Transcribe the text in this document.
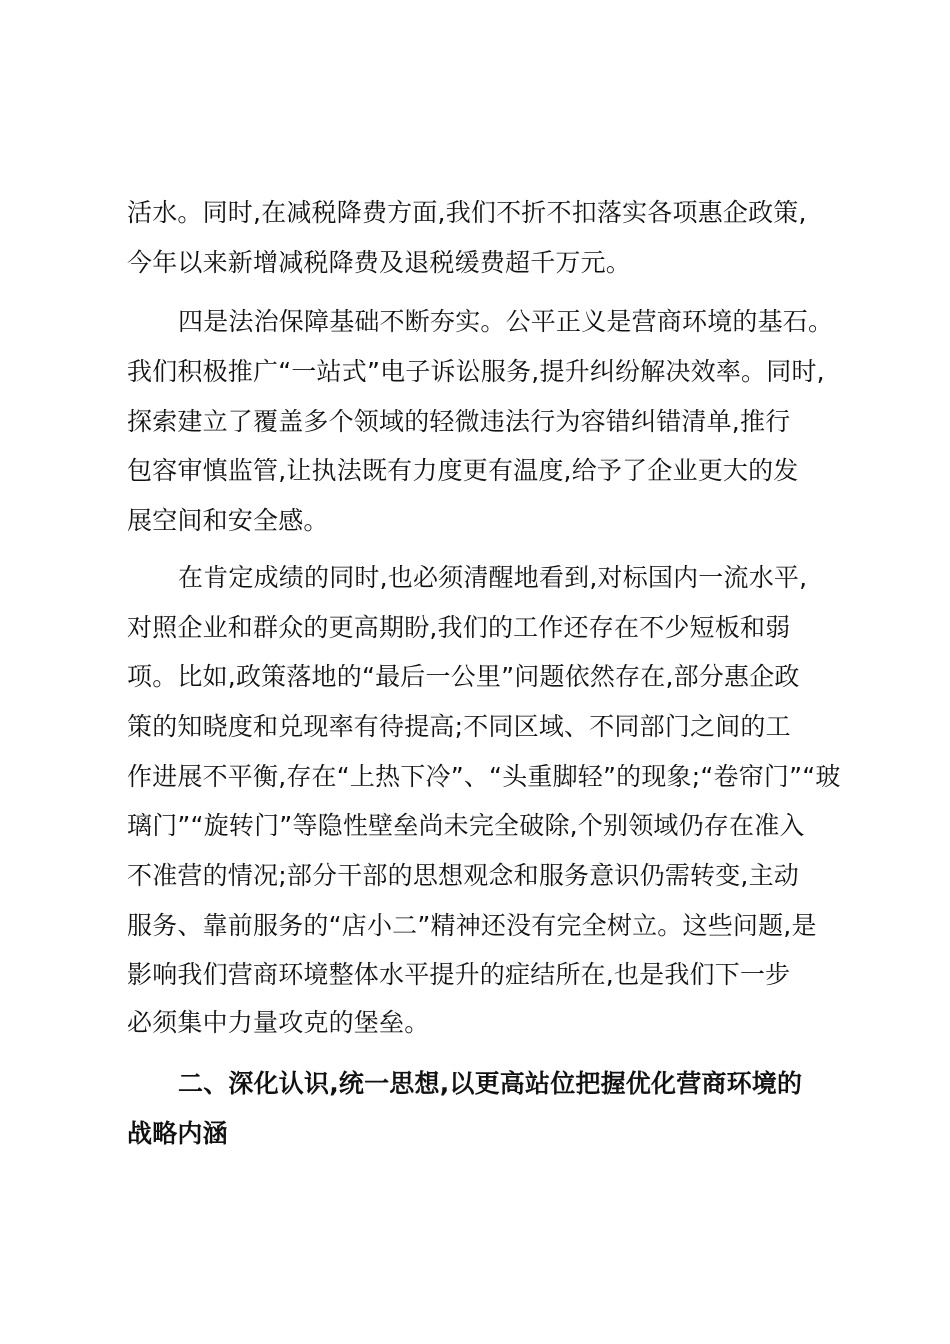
活水。同时,在减税降费方面,我们不折不扣落实各项惠企政策,
今年以来新增减税降费及退税缓费超千万元。
四是法治保障基础不断夯实。公平正义是营商环境的基石。
我们积极推广“一站式”电子诉讼服务,提升纠纷解决效率。同时,
探索建立了覆盖多个领域的轻微违法行为容错纠错清单,推行
包容审慎监管,让执法既有力度更有温度,给予了企业更大的发
展空间和安全感。
在肯定成绩的同时,也必须清醒地看到,对标国内一流水平,
对照企业和群众的更高期盼,我们的工作还存在不少短板和弱
项。比如,政策落地的“最后一公里”问题依然存在,部分惠企政
策的知晓度和兑现率有待提高;不同区域、不同部门之间的工
作进展不平衡,存在“上热下冷”、“头重脚轻”的现象;“卷帘门”“玻
璃门”“旋转门”等隐性壁垒尚未完全破除,个别领域仍存在准入
不准营的情况;部分干部的思想观念和服务意识仍需转变,主动
服务、靠前服务的“店小二”精神还没有完全树立。这些问题,是
影响我们营商环境整体水平提升的症结所在,也是我们下一步
必须集中力量攻克的堡垒。
二、深化认识,统一思想,以更高站位把握优化营商环境的
战略内涵
